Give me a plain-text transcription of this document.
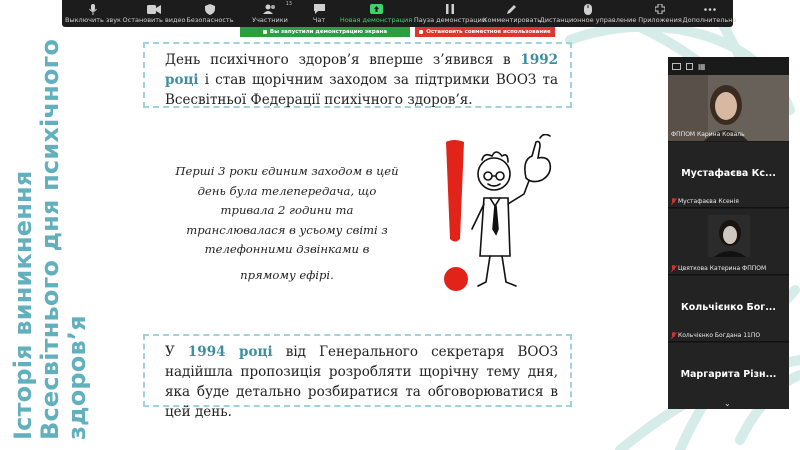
Історія виникнення Всесвітнього дня психічного здоров’я
Выключить звук Остановить видео Безопасность
$^{13}$
Участники	Чат Новая демонстрация Пауза демонстрации
Комментировать
Дистанционное управление Приложения Дополнительно
Вы запустили демонстрацию экрана	Остановить совместное использование

День психічного здоров’я вперше з’явився в 1992 році і став щорічним заходом за підтримки ВООЗ та Всесвітньої Федерації психічного здоров’я.

Перші 3 роки єдиним заходом в цей день була телепередача, що тривала 2 години та транслювалася в усьому світі з телефонними дзвінками в
прямому ефірі.

У 1994 році від Генерального секретаря ВООЗ надійшла пропозиція розробляти щорічну тему дня, яка буде детально розбиратися та обговорюватися в цей день.

▦
ФППОМ Карина Коваль
Мустафаєва Кс...
Мустафаєва Ксенія
Цвяткова Катерина ФППОМ
Кольчієнко Бог...
Кольчієнко Богдана 11ПО
Маргарита Різн...
⌄
